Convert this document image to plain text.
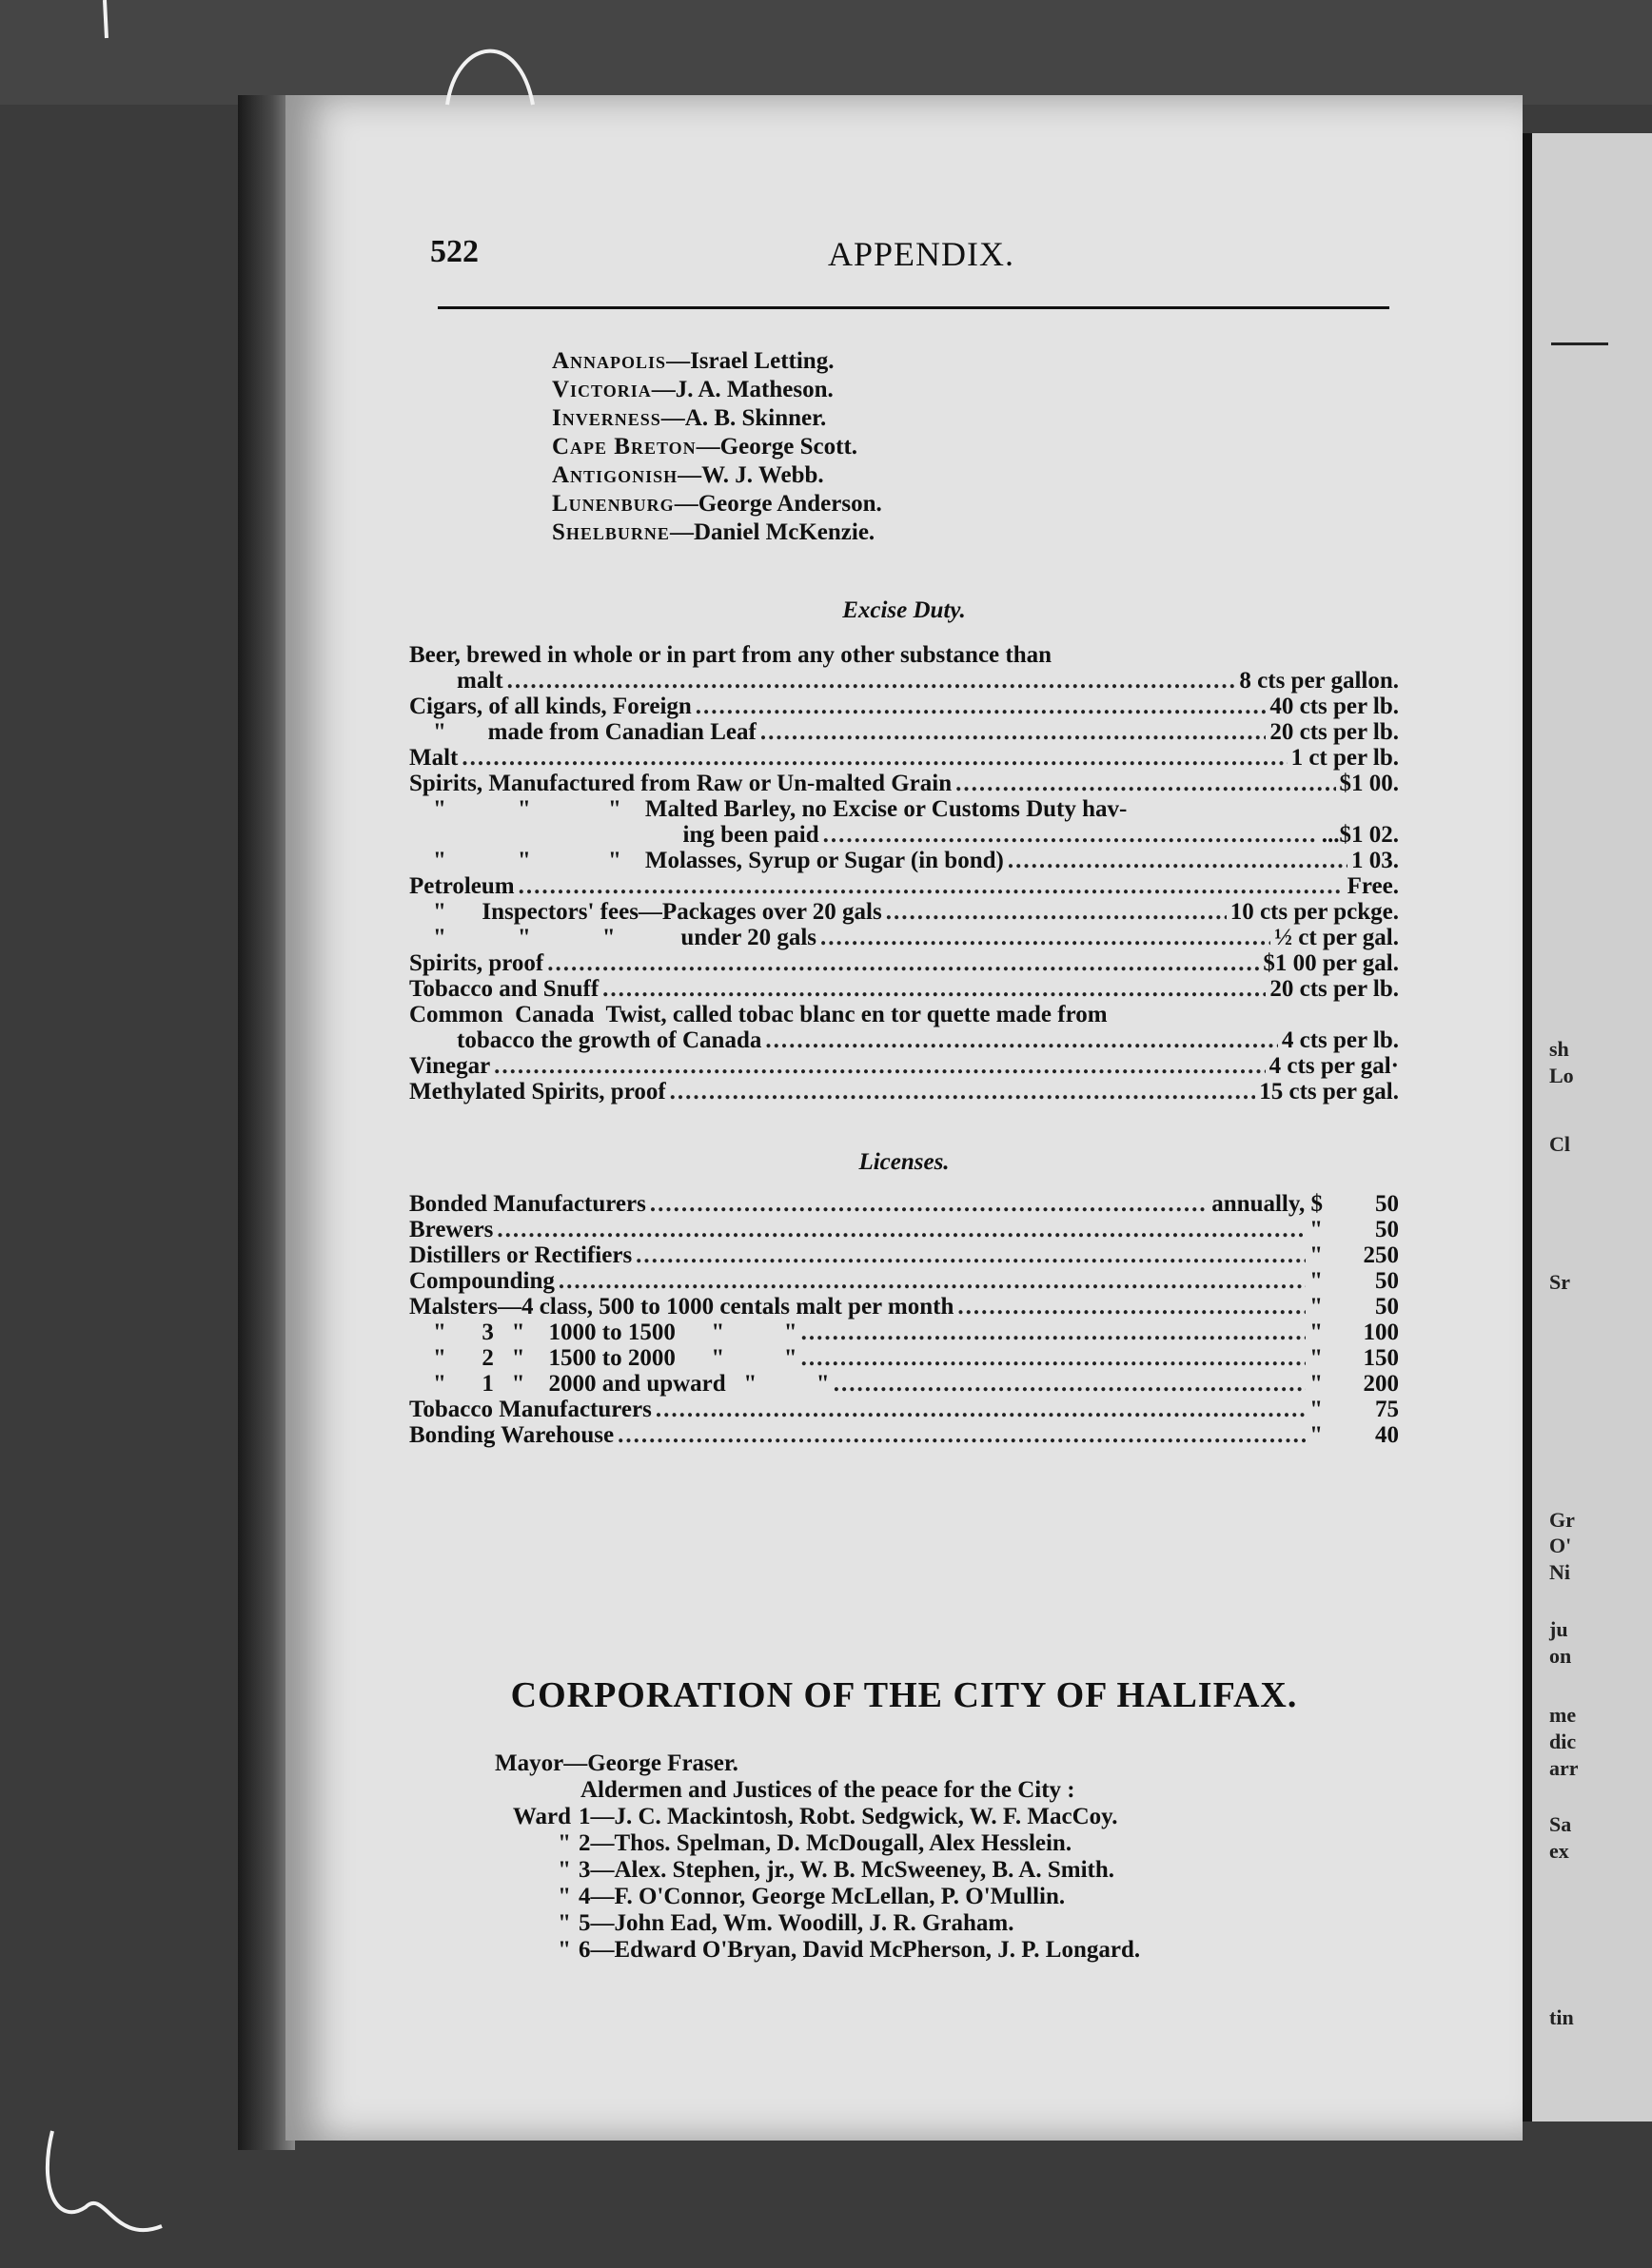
sh
Lo
Cl
Sr
Gr
O'
Ni
ju
on
me
dic
arr
Sa
ex
tin
522	APPENDIX.
Annapolis—Israel Letting.
Victoria—J. A. Matheson.
Inverness—A. B. Skinner.
Cape Breton—George Scott.
Antigonish—W. J. Webb.
Lunenburg—George Anderson.
Shelburne—Daniel McKenzie.
Excise Duty.
Beer, brewed in whole or in part from any other substance than
malt .....	8 cts per gallon.
Cigars, of all kinds, Foreign .....	40 cts per lb.
"       made from Canadian Leaf .....	20 cts per lb.
Malt .....	1 ct per lb.
Spirits, Manufactured from Raw or Un-malted Grain .....	$1 00.
"            "             "    Malted Barley, no Excise or Customs Duty hav-
ing been paid .....	...$1 02.
"            "             "    Molasses, Syrup or Sugar (in bond) .....	1 03.
Petroleum .....	Free.
"      Inspectors' fees—Packages over 20 gals .....	10 cts per pckge.
"            "            "           under 20 gals .....	½ ct per gal.
Spirits, proof .....	$1 00 per gal.
Tobacco and Snuff .....	20 cts per lb.
Common  Canada  Twist, called tobac blanc en tor quette made from
tobacco the growth of Canada .....	4 cts per lb.
Vinegar .....	4 cts per gal·
Methylated Spirits, proof .....	15 cts per gal.
Licenses.
Bonded Manufacturers .....	annually, $	50
Brewers .....	"	50
Distillers or Rectifiers .....	"	250
Compounding .....	"	50
Malsters—4 class, 500 to 1000 centals malt per month .....	"	50
"      3   "    1000 to 1500      "          " .....	"	100
"      2   "    1500 to 2000      "          " .....	"	150
"      1   "    2000 and upward   "          " .....	"	200
Tobacco Manufacturers .....	"	75
Bonding Warehouse .....	"	40
CORPORATION OF THE CITY OF HALIFAX.
Mayor—George Fraser.
Aldermen and Justices of the peace for the City :
Ward 1—J. C. Mackintosh, Robt. Sedgwick, W. F. MacCoy.
" 2—Thos. Spelman, D. McDougall, Alex Hesslein.
" 3—Alex. Stephen, jr., W. B. McSweeney, B. A. Smith.
" 4—F. O'Connor, George McLellan, P. O'Mullin.
" 5—John Ead, Wm. Woodill, J. R. Graham.
" 6—Edward O'Bryan, David McPherson, J. P. Longard.
